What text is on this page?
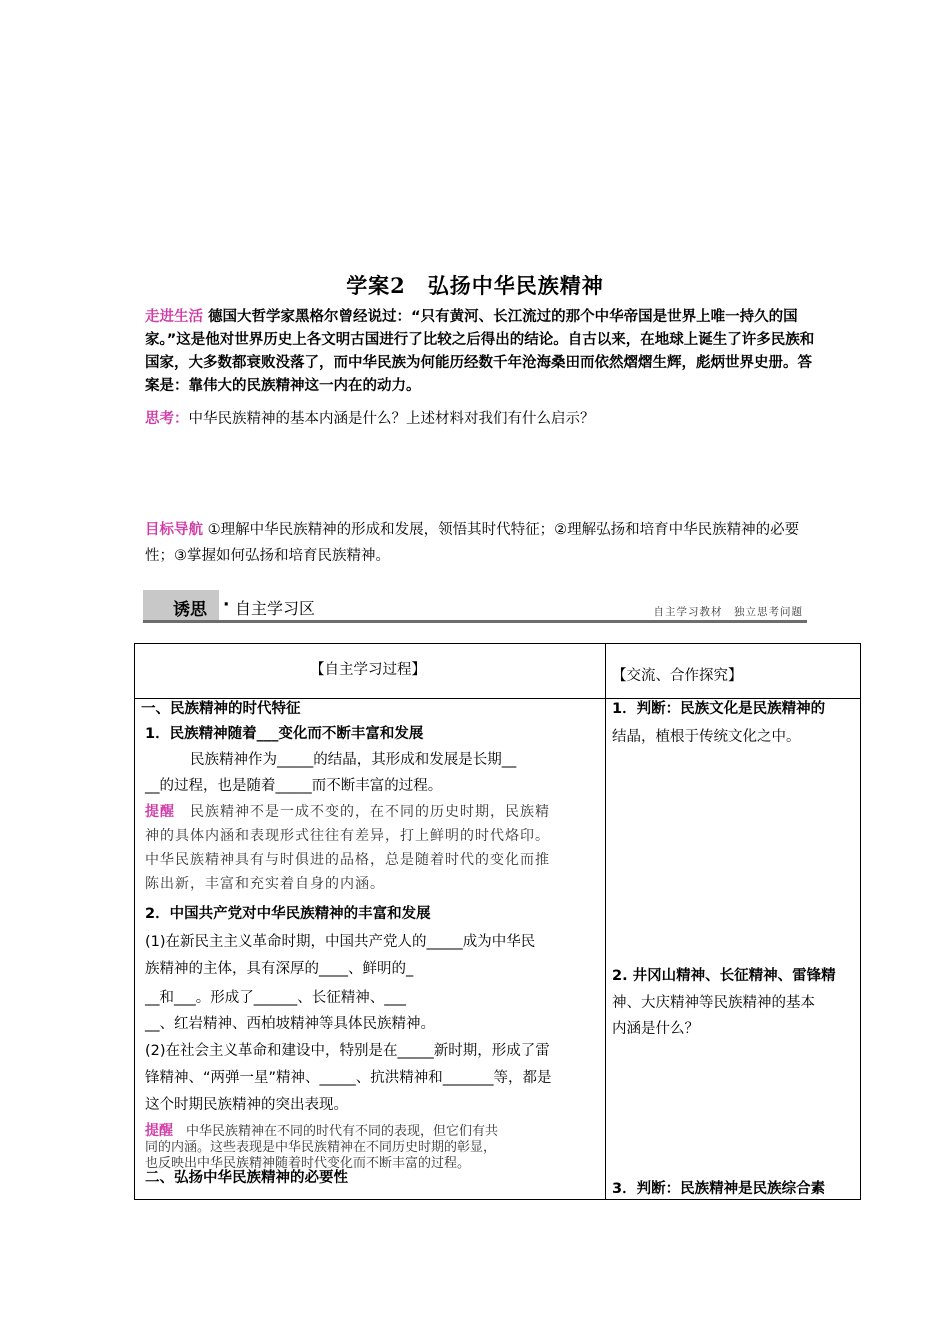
学案2　弘扬中华民族精神
走进生活 德国大哲学家黑格尔曾经说过：“只有黄河、长江流过的那个中华帝国是世界上唯一持久的国家。”这是他对世界历史上各文明古国进行了比较之后得出的结论。自古以来，在地球上诞生了许多民族和国家，大多数都衰败没落了，而中华民族为何能历经数千年沧海桑田而依然熠熠生辉，彪炳世界史册。答案是：靠伟大的民族精神这一内在的动力。
思考：中华民族精神的基本内涵是什么？上述材料对我们有什么启示？
目标导航 ①理解中华民族精神的形成和发展，领悟其时代特征；②理解弘扬和培育中华民族精神的必要性；③掌握如何弘扬和培育民族精神。
诱思 · 自主学习区	自主学习教材　独立思考问题
【自主学习过程】	【交流、合作探究】
一、民族精神的时代特征
1．民族精神随着___变化而不断丰富和发展
民族精神作为_____的结晶，其形成和发展是长期__
__的过程，也是随着_____而不断丰富的过程。
提醒　 民族精神不是一成不变的，在不同的历史时期，民族精
神的具体内涵和表现形式往往有差异，打上鲜明的时代烙印。
中华民族精神具有与时俱进的品格，总是随着时代的变化而推
陈出新，丰富和充实着自身的内涵。
2．中国共产党对中华民族精神的丰富和发展
(1)在新民主主义革命时期，中国共产党人的_____成为中华民
族精神的主体，具有深厚的____、鲜明的_
__和___。形成了______、长征精神、___
__、红岩精神、西柏坡精神等具体民族精神。
(2)在社会主义革命和建设中，特别是在_____新时期，形成了雷
锋精神、“两弹一星”精神、_____、抗洪精神和_______等，都是
这个时期民族精神的突出表现。
提醒　 中华民族精神在不同的时代有不同的表现，但它们有共
同的内涵。这些表现是中华民族精神在不同历史时期的彰显，
也反映出中华民族精神随着时代变化而不断丰富的过程。
二、弘扬中华民族精神的必要性
1．判断：民族文化是民族精神的
结晶，植根于传统文化之中。
2. 井冈山精神、长征精神、雷锋精
神、大庆精神等民族精神的基本
内涵是什么？
3．判断：民族精神是民族综合素
